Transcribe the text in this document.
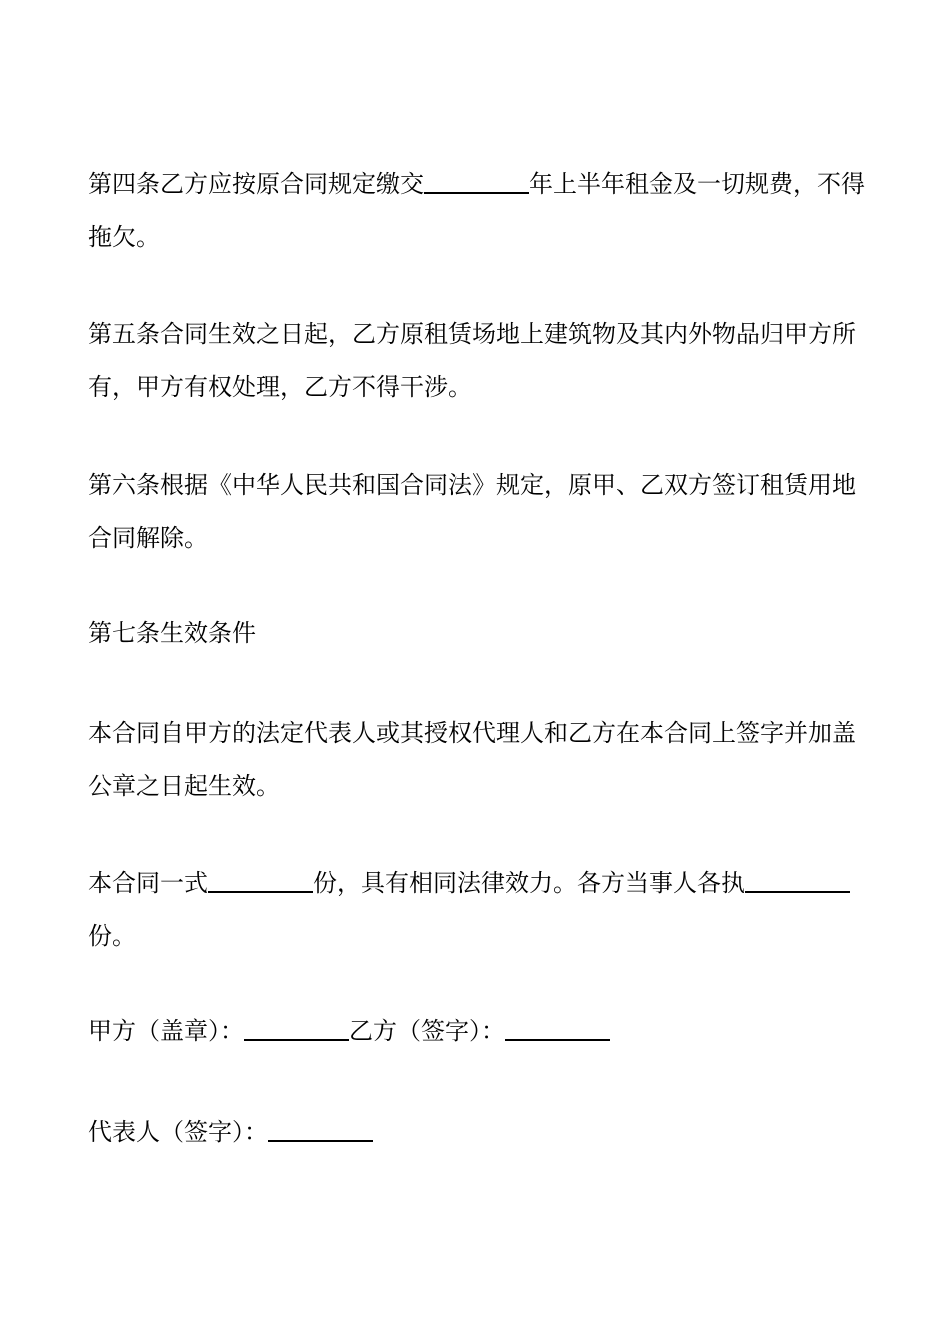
第四条乙方应按原合同规定缴交	年上半年租金及一切规费，不得
拖欠。
第五条合同生效之日起，乙方原租赁场地上建筑物及其内外物品归甲方所
有，甲方有权处理，乙方不得干涉。
第六条根据《中华人民共和国合同法》规定，原甲、乙双方签订租赁用地
合同解除。
第七条生效条件
本合同自甲方的法定代表人或其授权代理人和乙方在本合同上签字并加盖
公章之日起生效。
本合同一式	份，具有相同法律效力。各方当事人各执
份。
甲方（盖章）：	乙方（签字）：
代表人（签字）：
